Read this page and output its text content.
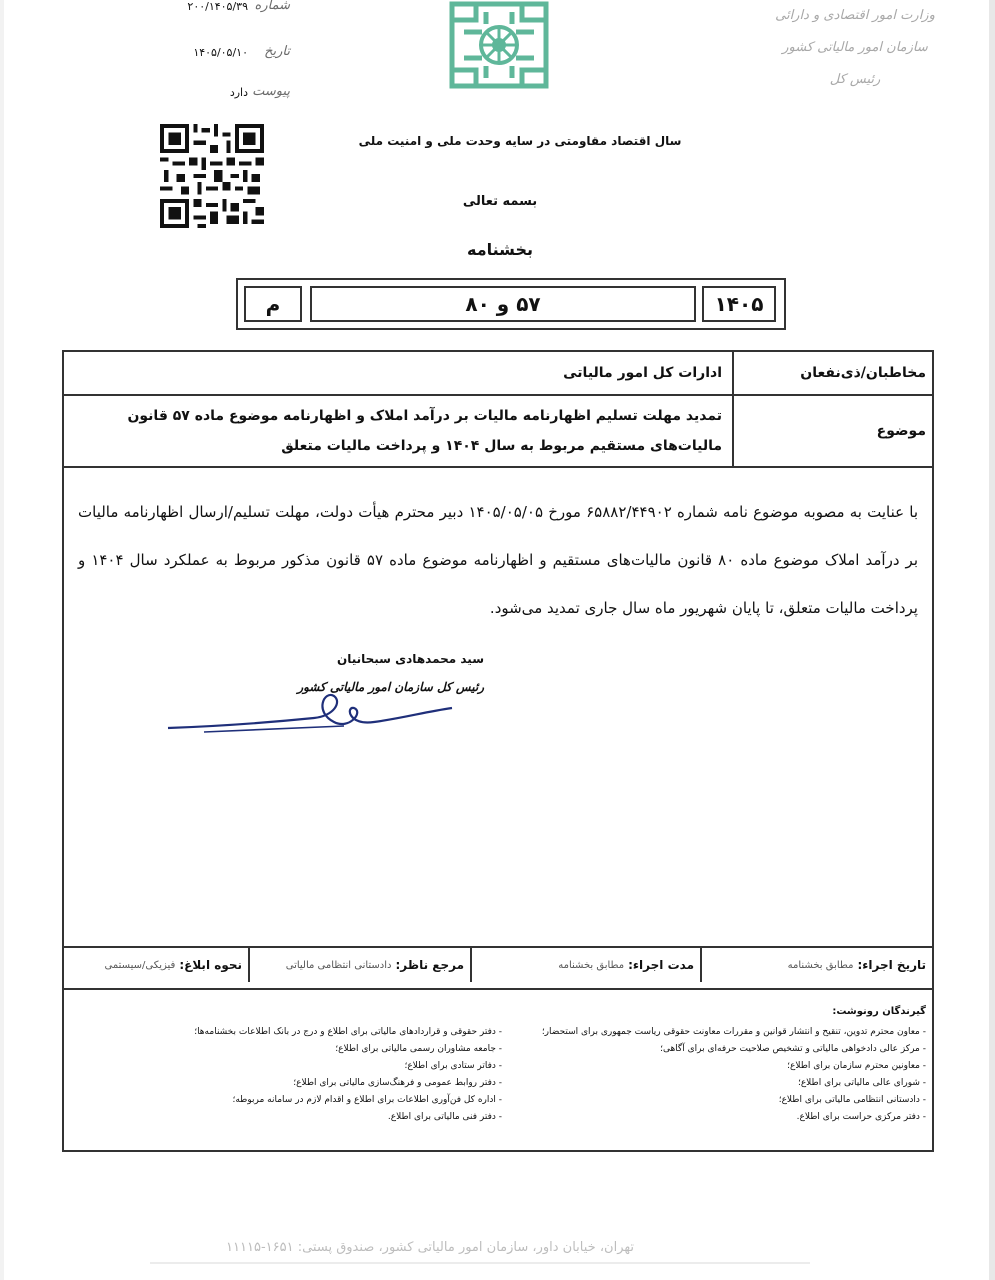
شماره
۲۰۰/۱۴۰۵/۳۹
تاریخ
۱۴۰۵/۰۵/۱۰
پیوست
دارد
وزارت امور اقتصادی و دارائی
سازمان امور مالیاتی کشور
رئیس کل
سال اقتصاد مقاومتی در سایه وحدت ملی و امنیت ملی
بسمه تعالی
بخشنامه
۱۴۰۵
۵۷ و ۸۰
م
مخاطبان/ذی‌نفعان
ادارات کل امور مالیاتی
موضوع
تمدید مهلت تسلیم اظهارنامه مالیات بر درآمد املاک و اظهارنامه موضوع ماده ۵۷ قانون
مالیات‌های مستقیم مربوط به سال ۱۴۰۴ و پرداخت مالیات متعلق
با عنایت به مصوبه موضوع نامه شماره ۶۵۸۸۲/۴۴۹۰۲ مورخ ۱۴۰۵/۰۵/۰۵ دبیر محترم هیأت دولت، مهلت تسلیم/ارسال اظهارنامه مالیات بر درآمد املاک موضوع ماده ۸۰ قانون مالیات‌های مستقیم و اظهارنامه موضوع ماده ۵۷ قانون مذکور مربوط به عملکرد سال ۱۴۰۴ و پرداخت مالیات متعلق، تا پایان شهریور ماه سال جاری تمدید می‌شود.
سید محمدهادی سبحانیان
رئیس کل سازمان امور مالیاتی کشور
تاریخ اجراء:
مطابق بخشنامه
مدت اجراء:
مطابق بخشنامه
مرجع ناظر:
دادستانی انتظامی مالیاتی
نحوه ابلاغ:
فیزیکی/سیستمی
گیرندگان رونوشت:
- معاون محترم تدوین، تنقیح و انتشار قوانین و مقررات معاونت حقوقی ریاست جمهوری برای استحضار؛
- مرکز عالی دادخواهی مالیاتی و تشخیص صلاحیت حرفه‌ای برای آگاهی؛
- معاونین محترم سازمان برای اطلاع؛
- شورای عالی مالیاتی برای اطلاع؛
- دادستانی انتظامی مالیاتی برای اطلاع؛
- دفتر مرکزی حراست برای اطلاع.
- دفتر حقوقی و قراردادهای مالیاتی برای اطلاع و درج در بانک اطلاعات بخشنامه‌ها؛
- جامعه مشاوران رسمی مالیاتی برای اطلاع؛
- دفاتر ستادی برای اطلاع؛
- دفتر روابط عمومی و فرهنگ‌سازی مالیاتی برای اطلاع؛
- اداره کل فن‌آوری اطلاعات برای اطلاع و اقدام لازم در سامانه مربوطه؛
- دفتر فنی مالیاتی برای اطلاع.
تهران، خیابان داور، سازمان امور مالیاتی کشور، صندوق پستی: ۱۶۵۱-۱۱۱۱۵
